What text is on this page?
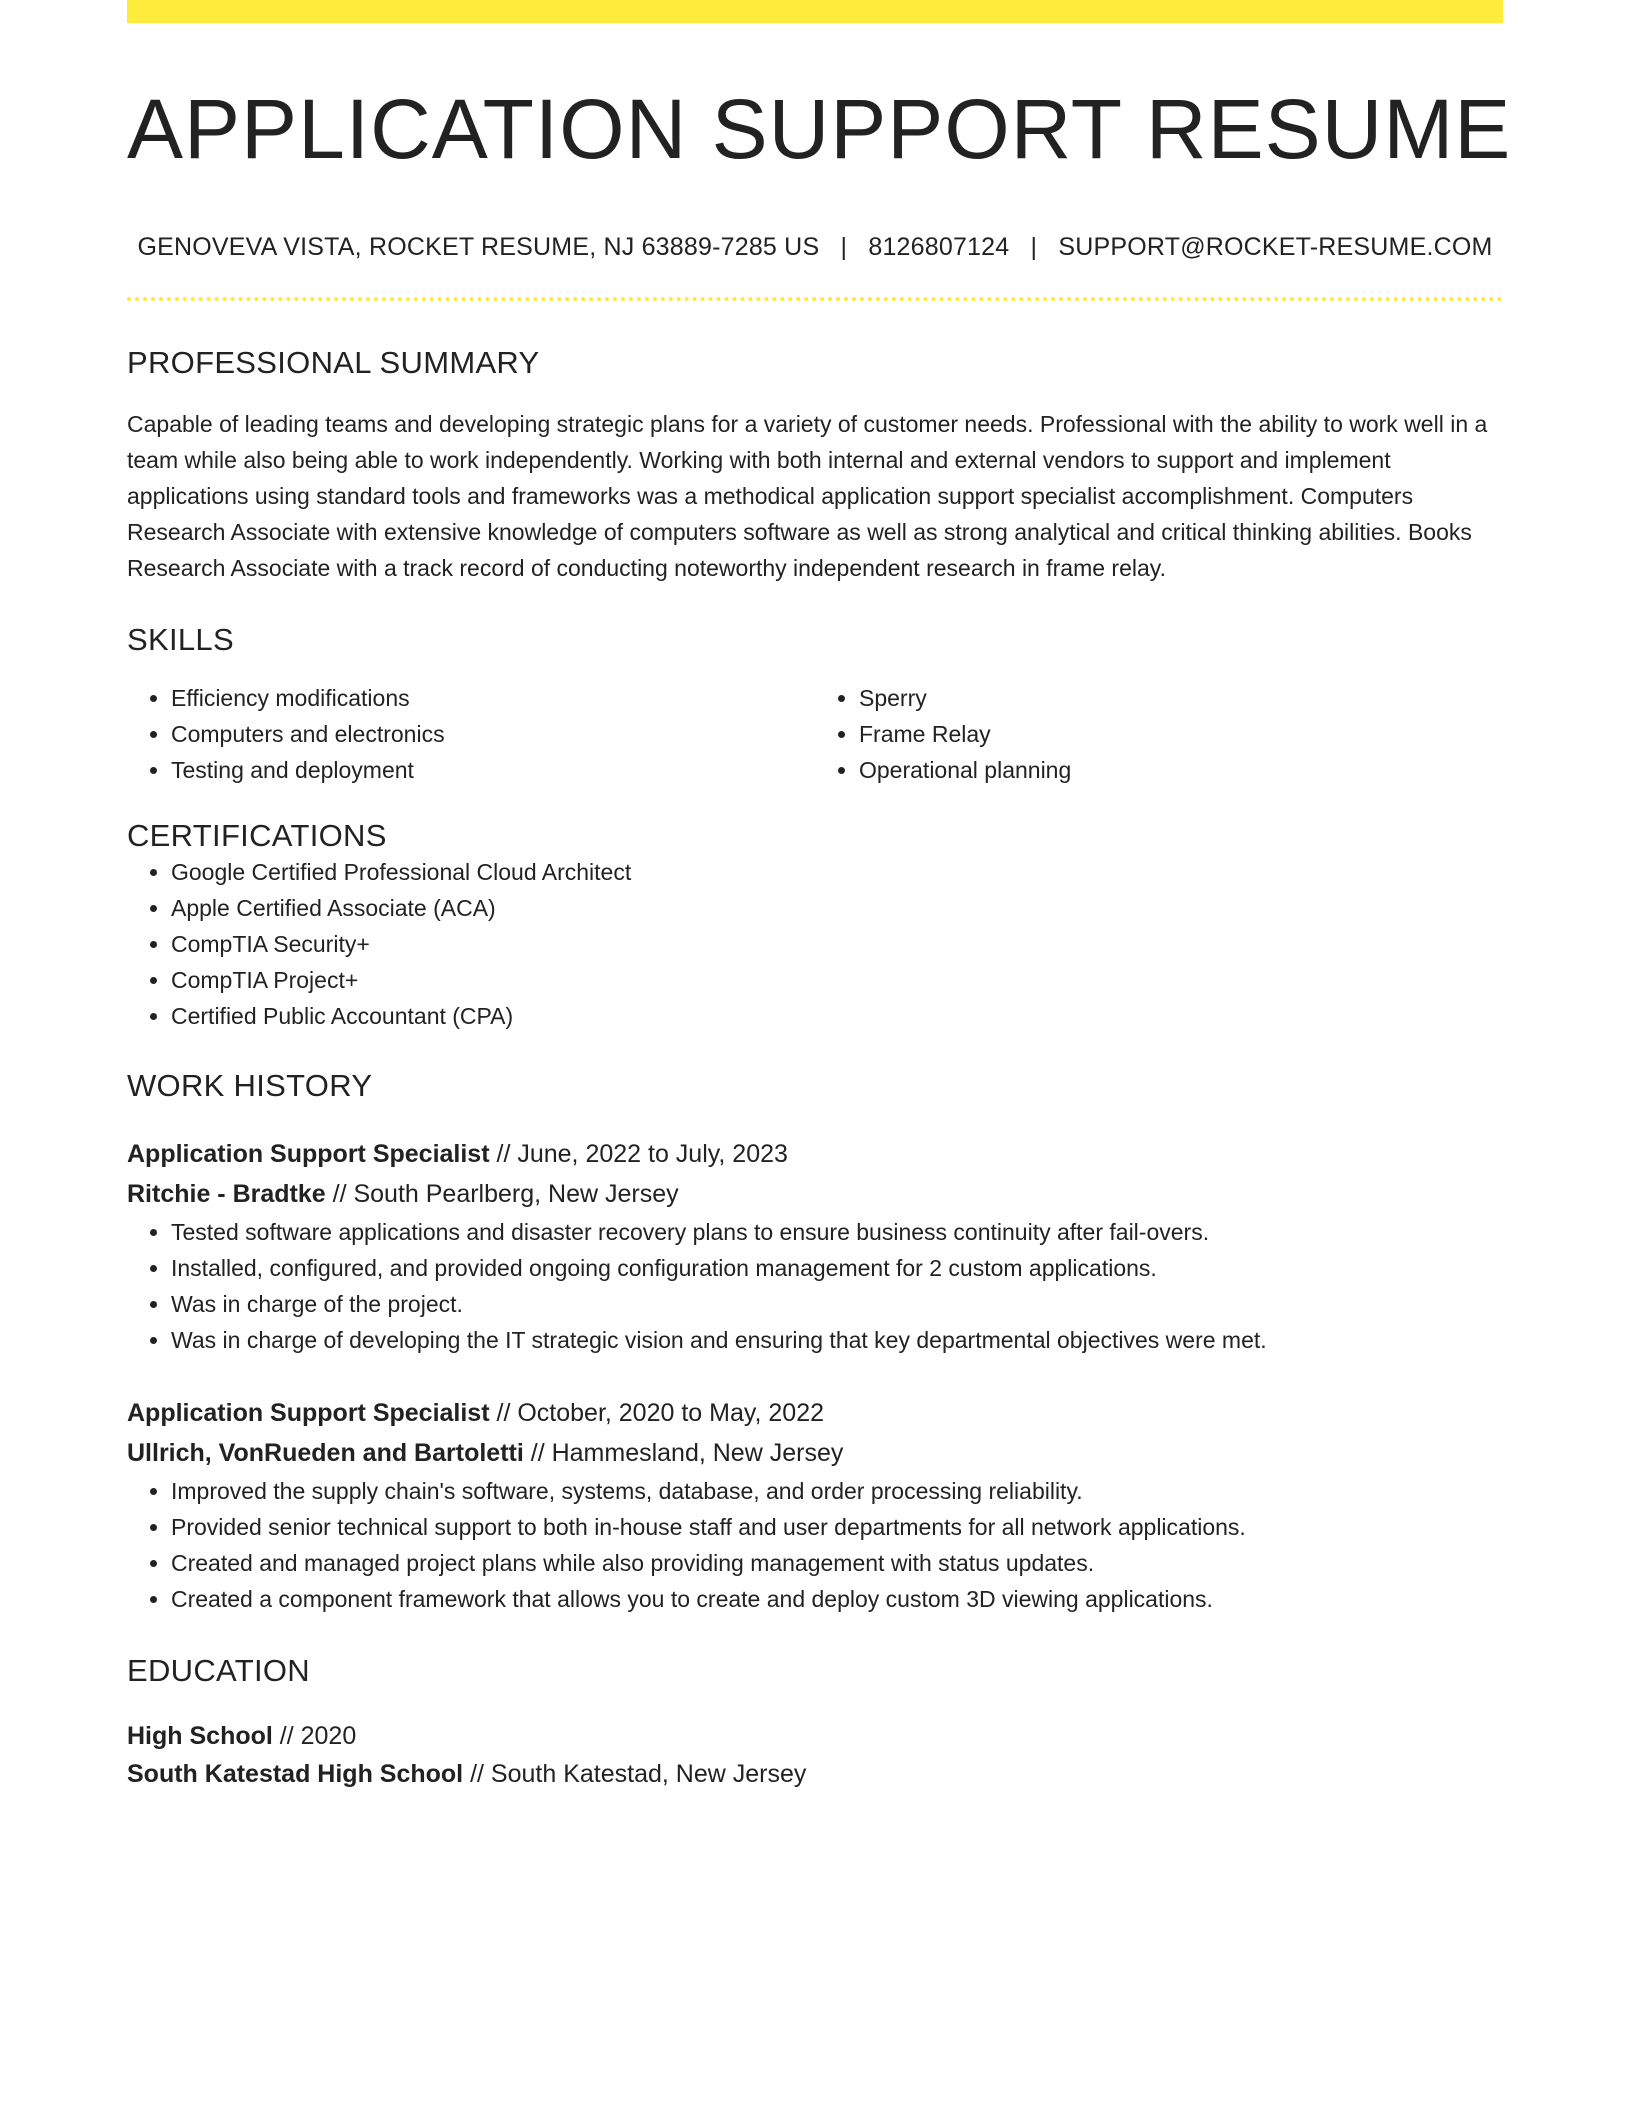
APPLICATION SUPPORT RESUME
GENOVEVA VISTA, ROCKET RESUME, NJ 63889-7285 US | 8126807124 | SUPPORT@ROCKET-RESUME.COM
PROFESSIONAL SUMMARY

Capable of leading teams and developing strategic plans for a variety of customer needs. Professional with the ability to work well in a team while also being able to work independently. Working with both internal and external vendors to support and implement applications using standard tools and frameworks was a methodical application support specialist accomplishment. Computers Research Associate with extensive knowledge of computers software as well as strong analytical and critical thinking abilities. Books Research Associate with a track record of conducting noteworthy independent research in frame relay.

SKILLS
• Efficiency modifications
• Computers and electronics
• Testing and deployment
• Sperry
• Frame Relay
• Operational planning
CERTIFICATIONS
• Google Certified Professional Cloud Architect
• Apple Certified Associate (ACA)
• CompTIA Security+
• CompTIA Project+
• Certified Public Accountant (CPA)
WORK HISTORY
Application Support Specialist // June, 2022 to July, 2023
Ritchie - Bradtke // South Pearlberg, New Jersey
• Tested software applications and disaster recovery plans to ensure business continuity after fail-overs.
• Installed, configured, and provided ongoing configuration management for 2 custom applications.
• Was in charge of the project.
• Was in charge of developing the IT strategic vision and ensuring that key departmental objectives were met.
Application Support Specialist // October, 2020 to May, 2022
Ullrich, VonRueden and Bartoletti // Hammesland, New Jersey
• Improved the supply chain's software, systems, database, and order processing reliability.
• Provided senior technical support to both in-house staff and user departments for all network applications.
• Created and managed project plans while also providing management with status updates.
• Created a component framework that allows you to create and deploy custom 3D viewing applications.
EDUCATION
High School // 2020
South Katestad High School // South Katestad, New Jersey
